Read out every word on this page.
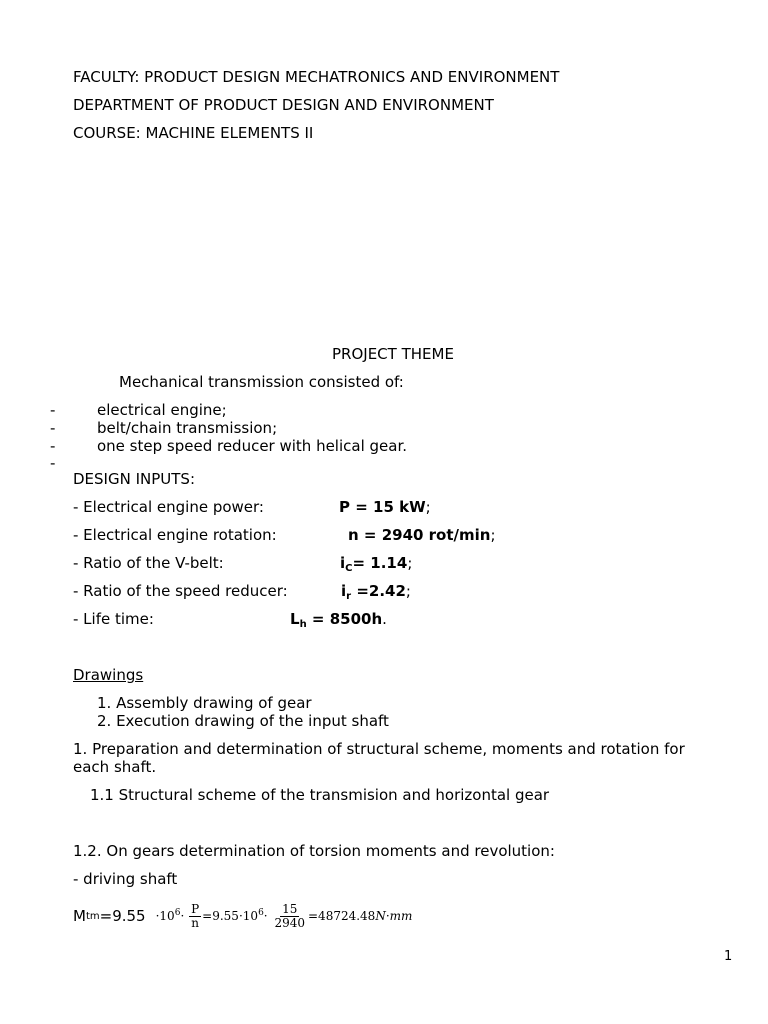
FACULTY: PRODUCT DESIGN MECHATRONICS AND ENVIRONMENT
DEPARTMENT OF PRODUCT DESIGN AND ENVIRONMENT
COURSE: MACHINE ELEMENTS II
PROJECT THEME
Mechanical transmission consisted of:
-	electrical engine;
-	belt/chain transmission;
-	one step speed reducer with helical gear.
-
DESIGN INPUTS:
- Electrical engine power:	P = 15 kW;
- Electrical engine rotation:	n = 2940 rot/min;
- Ratio of the V-belt:	$i_C= 1.14$;
- Ratio of the speed reducer:	$i_r =2.42$;
- Life time:	$L_h = 8500h$.
Drawings
1. Assembly drawing of gear
2. Execution drawing of the input shaft
1. Preparation and determination of structural scheme, moments and rotation for
each shaft.
1.1 Structural scheme of the transmision and horizontal gear
1.2. On gears determination of torsion moments and revolution:
- driving shaft
M tm $=9.55 \cdot 10^6\cdot \frac{P}{n} =9.55\cdot 10^6\cdot \frac{15}{2940} =48724.48N\cdot mm$
1
